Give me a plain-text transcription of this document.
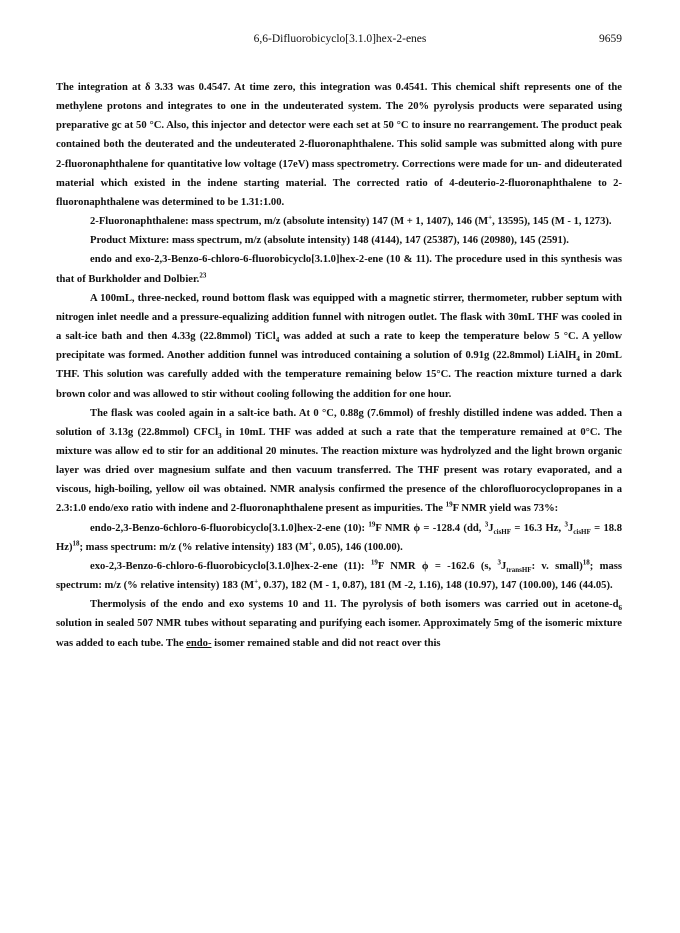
6,6-Difluorobicyclo[3.1.0]hex-2-enes	9659

The integration at δ 3.33 was 0.4547. At time zero, this integration was 0.4541. This chemical shift represents one of the methylene protons and integrates to one in the undeuterated system. The 20% pyrolysis products were separated using preparative gc at 50 °C. Also, this injector and detector were each set at 50 °C to insure no rearrangement. The product peak contained both the deuterated and the undeuterated 2-fluoronaphthalene. This solid sample was submitted along with pure 2-fluoronaphthalene for quantitative low voltage (17eV) mass spectrometry. Corrections were made for un- and dideuterated material which existed in the indene starting material. The corrected ratio of 4-deuterio-2-fluoronaphthalene to 2-fluoronaphthalene was determined to be 1.31:1.00.

2-Fluoronaphthalene: mass spectrum, m/z (absolute intensity) 147 (M + 1, 1407), 146 (M+, 13595), 145 (M - 1, 1273).

Product Mixture: mass spectrum, m/z (absolute intensity) 148 (4144), 147 (25387), 146 (20980), 145 (2591).

endo and exo-2,3-Benzo-6-chloro-6-fluorobicyclo[3.1.0]hex-2-ene (10 & 11). The procedure used in this synthesis was that of Burkholder and Dolbier.$^{23}$

A 100mL, three-necked, round bottom flask was equipped with a magnetic stirrer, thermometer, rubber septum with nitrogen inlet needle and a pressure-equalizing addition funnel with nitrogen outlet. The flask with 30mL THF was cooled in a salt-ice bath and then 4.33g (22.8mmol) TiCl$_4$ was added at such a rate to keep the temperature below 5 °C. A yellow precipitate was formed. Another addition funnel was introduced containing a solution of 0.91g (22.8mmol) LiAlH$_4$ in 20mL THF. This solution was carefully added with the temperature remaining below 15°C. The reaction mixture turned a dark brown color and was allowed to stir without cooling following the addition for one hour.

The flask was cooled again in a salt-ice bath. At 0 °C, 0.88g (7.6mmol) of freshly distilled indene was added. Then a solution of 3.13g (22.8mmol) CFCl$_3$ in 10mL THF was added at such a rate that the temperature remained at 0°C. The mixture was allow ed to stir for an additional 20 minutes. The reaction mixture was hydrolyzed and the light brown organic layer was dried over magnesium sulfate and then vacuum transferred. The THF present was rotary evaporated, and a viscous, high-boiling, yellow oil was obtained. NMR analysis confirmed the presence of the chlorofluorocyclopropanes in a 2.3:1.0 endo/exo ratio with indene and 2-fluoronaphthalene present as impurities. The $^{19}$F NMR yield was 73%:

endo-2,3-Benzo-6chloro-6-fluorobicyclo[3.1.0]hex-2-ene (10): $^{19}$F NMR ϕ = -128.4 (dd, $^3J_{cisHF} = 16.3$ Hz, $^3J_{cisHF} = 18.8$ Hz)$^{18}$; mass spectrum: m/z (% relative intensity) 183 (M+, 0.05), 146 (100.00).

exo-2,3-Benzo-6-chloro-6-fluorobicyclo[3.1.0]hex-2-ene (11): $^{19}$F NMR ϕ = -162.6 (s, $^3J_{transHF}$: v. small)$^{18}$; mass spectrum: m/z (% relative intensity) 183 (M+, 0.37), 182 (M - 1, 0.87), 181 (M -2, 1.16), 148 (10.97), 147 (100.00), 146 (44.05).

Thermolysis of the endo and exo systems 10 and 11. The pyrolysis of both isomers was carried out in acetone-$d_6$ solution in sealed 507 NMR tubes without separating and purifying each isomer. Approximately 5mg of the isomeric mixture was added to each tube. The endo- isomer remained stable and did not react over this
